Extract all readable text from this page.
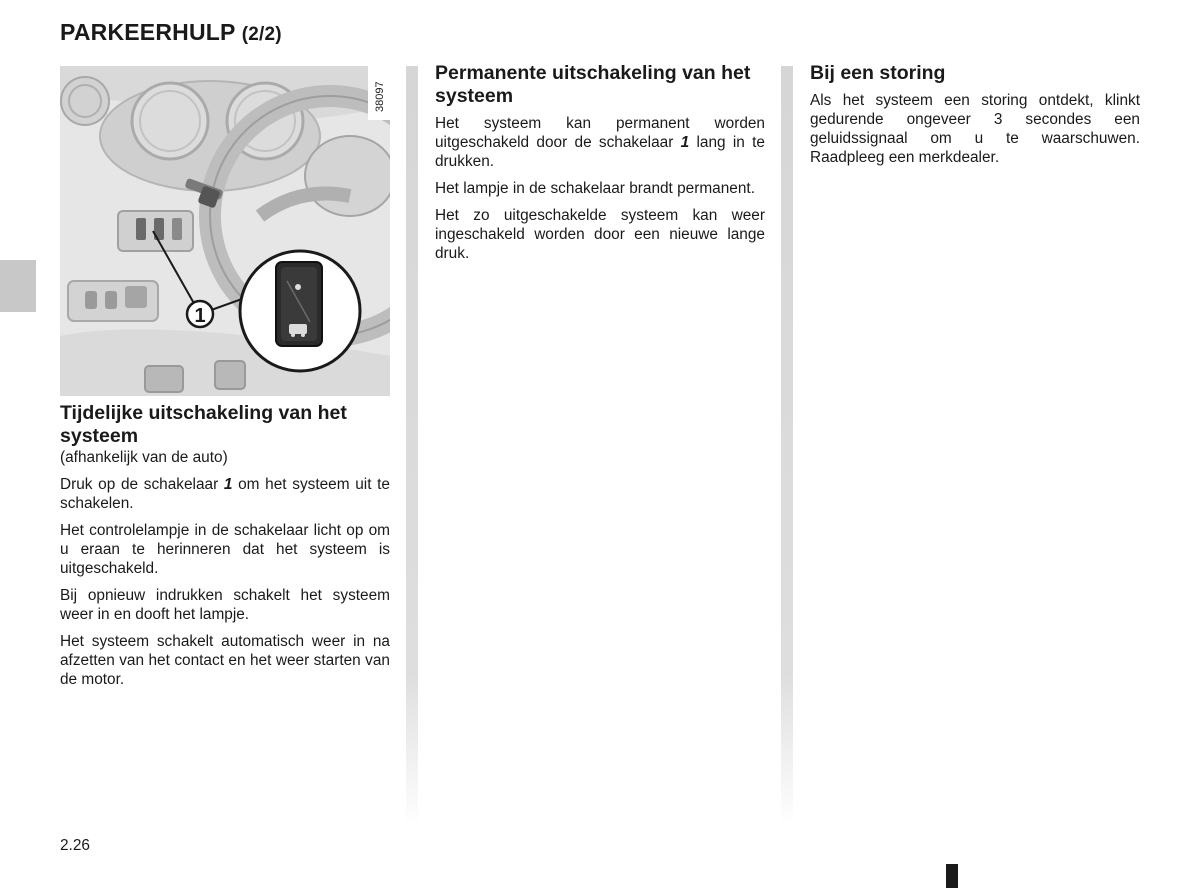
PARKEERHULP (2/2)
1
38097
Tijdelijke uitschakeling van het systeem

(afhankelijk van de auto)

Druk op de schakelaar 1 om het systeem uit te schakelen.

Het controlelampje in de schakelaar licht op om u eraan te herinneren dat het systeem is uitgeschakeld.

Bij opnieuw indrukken schakelt het systeem weer in en dooft het lampje.

Het systeem schakelt automatisch weer in na afzetten van het contact en het weer starten van de motor.

Permanente uitschakeling van het systeem

Het systeem kan permanent worden uitgeschakeld door de schakelaar 1 lang in te drukken.

Het lampje in de schakelaar brandt permanent.

Het zo uitgeschakelde systeem kan weer ingeschakeld worden door een nieuwe lange druk.

Bij een storing

Als het systeem een storing ontdekt, klinkt gedurende ongeveer 3 secondes een geluidssignaal om u te waarschuwen. Raadpleeg een merkdealer.

2.26
